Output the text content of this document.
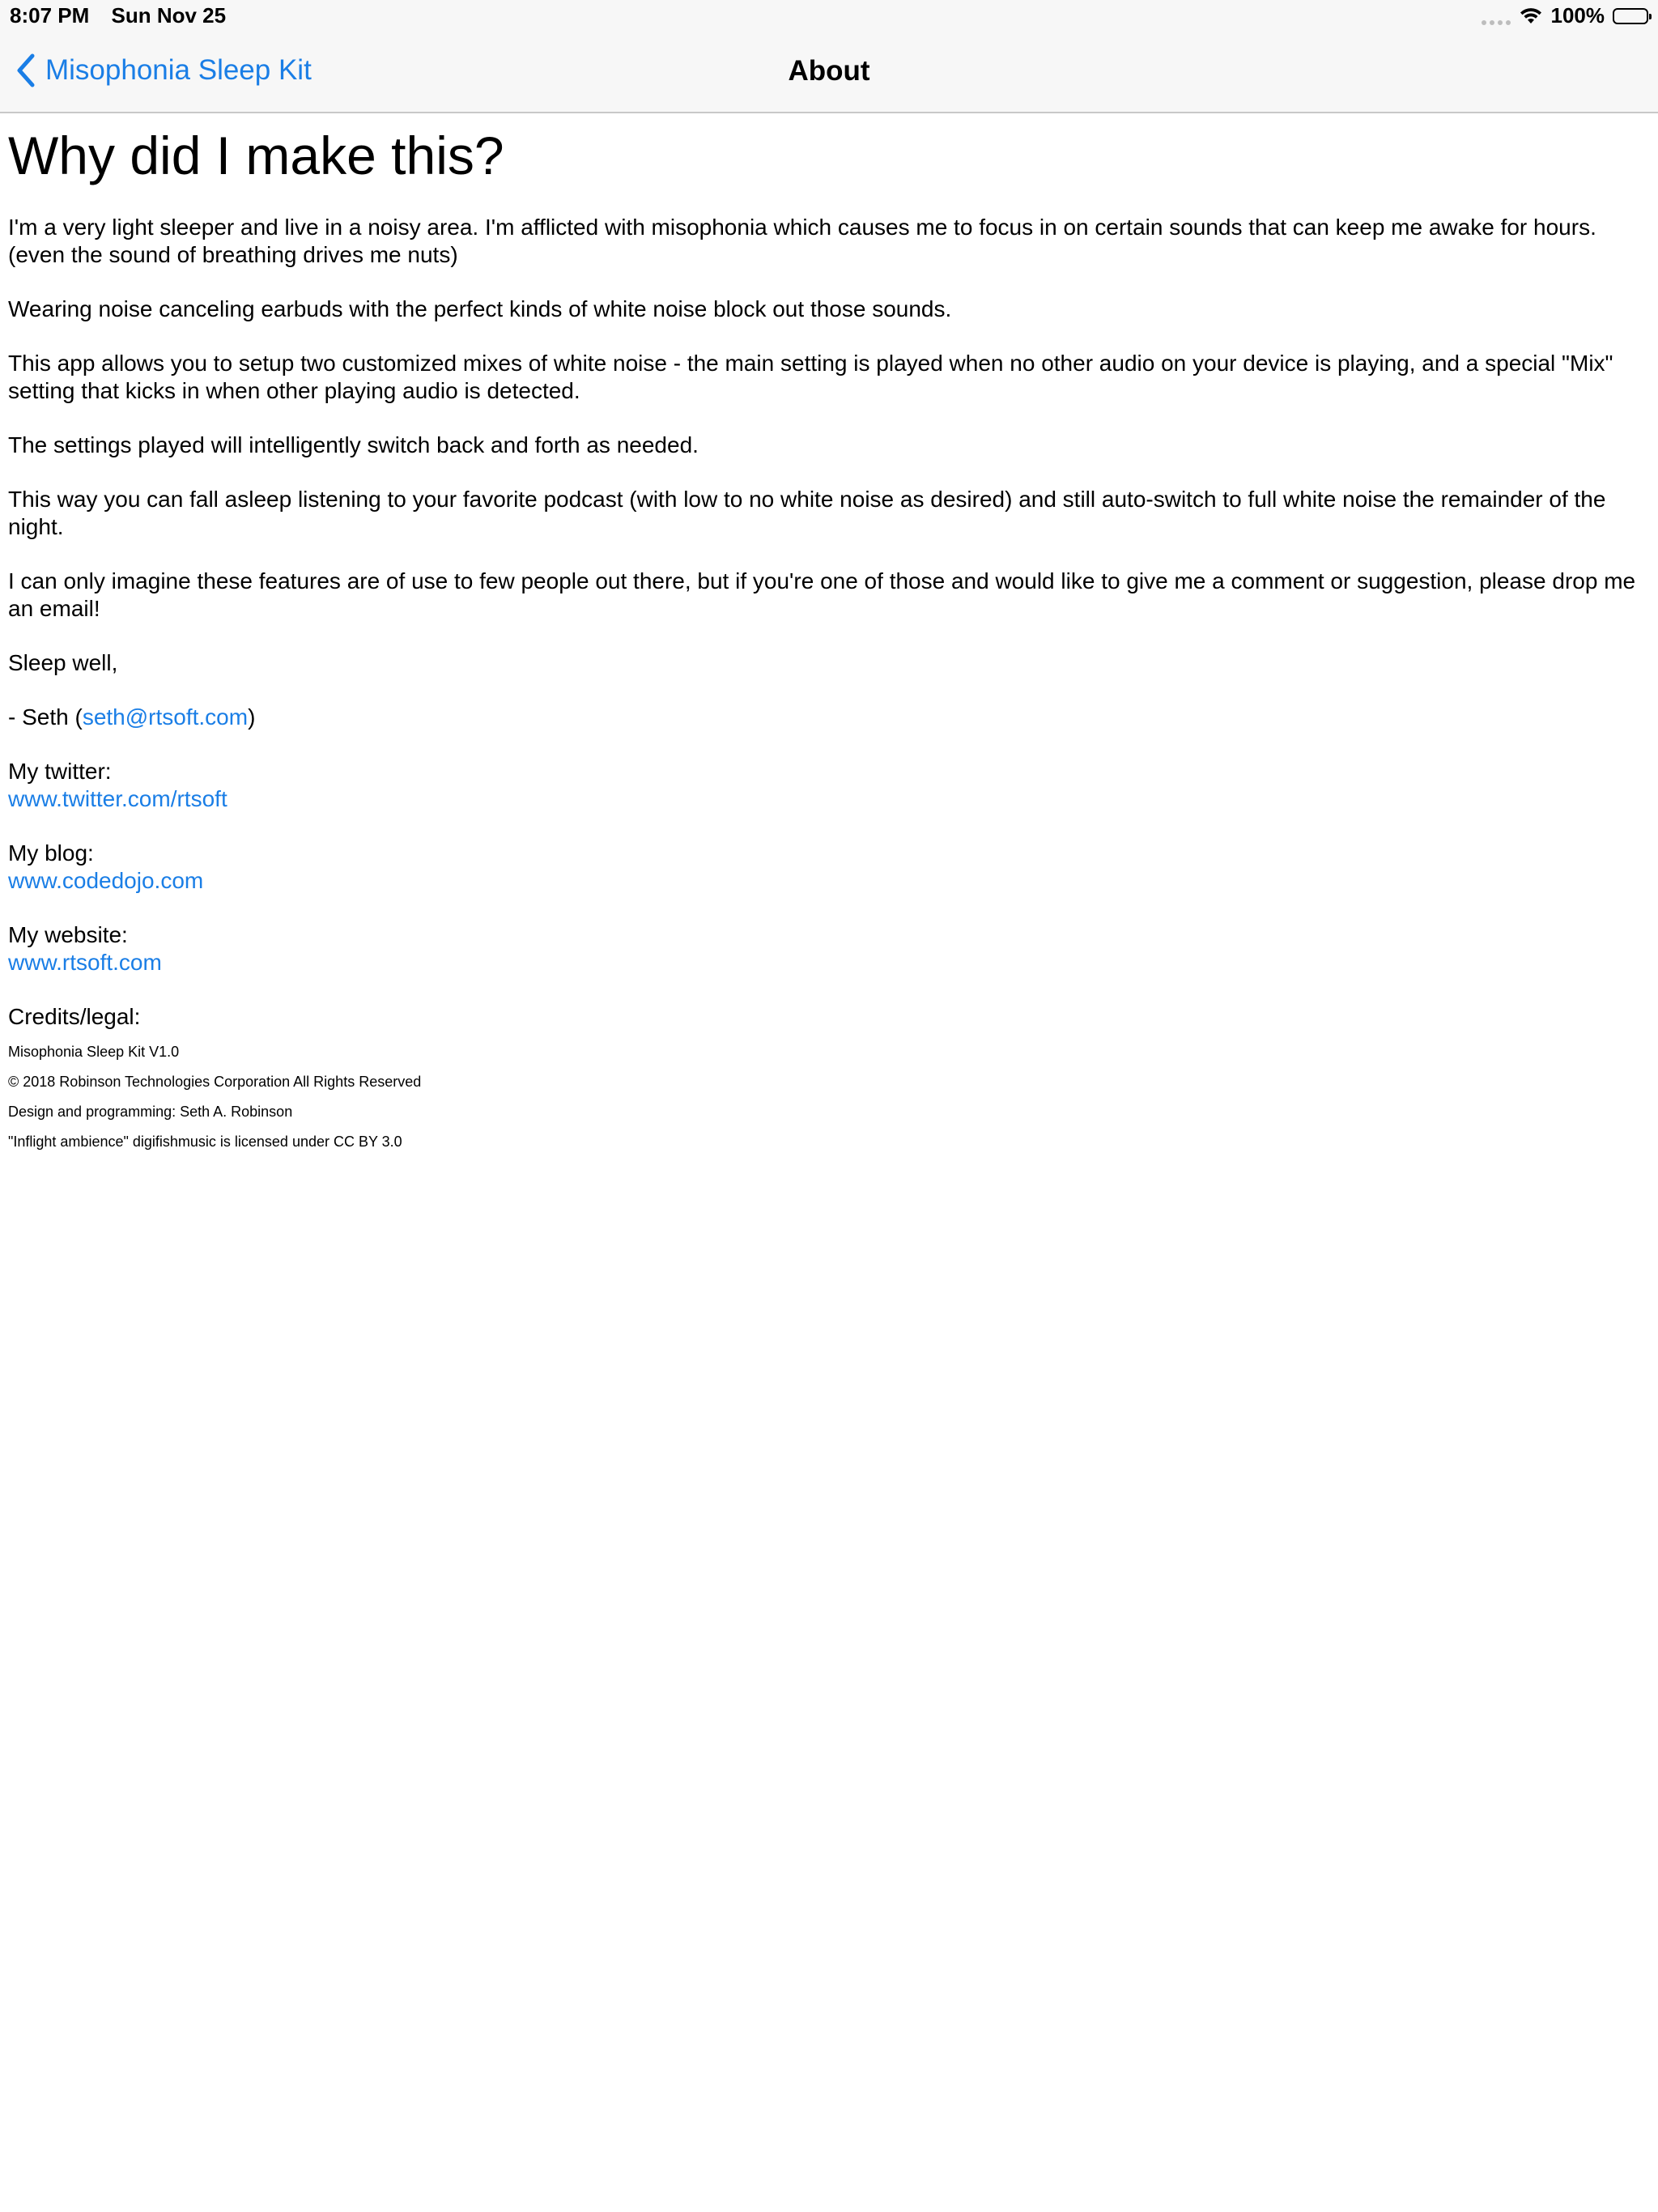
8:07 PM Sun Nov 25	100%
Misophonia Sleep Kit	About
Why did I make this?

I'm a very light sleeper and live in a noisy area. I'm afflicted with misophonia which causes me to focus in on certain sounds that can keep me awake for hours. (even the sound of breathing drives me nuts)

Wearing noise canceling earbuds with the perfect kinds of white noise block out those sounds.

This app allows you to setup two customized mixes of white noise - the main setting is played when no other audio on your device is playing, and a special "Mix" setting that kicks in when other playing audio is detected.

The settings played will intelligently switch back and forth as needed.

This way you can fall asleep listening to your favorite podcast (with low to no white noise as desired) and still auto-switch to full white noise the remainder of the night.

I can only imagine these features are of use to few people out there, but if you're one of those and would like to give me a comment or suggestion, please drop me an email!

Sleep well,

- Seth (seth@rtsoft.com)

My twitter:
www.twitter.com/rtsoft

My blog:
www.codedojo.com

My website:
www.rtsoft.com

Credits/legal:

Misophonia Sleep Kit V1.0

© 2018 Robinson Technologies Corporation All Rights Reserved

Design and programming: Seth A. Robinson

"Inflight ambience" digifishmusic is licensed under CC BY 3.0
